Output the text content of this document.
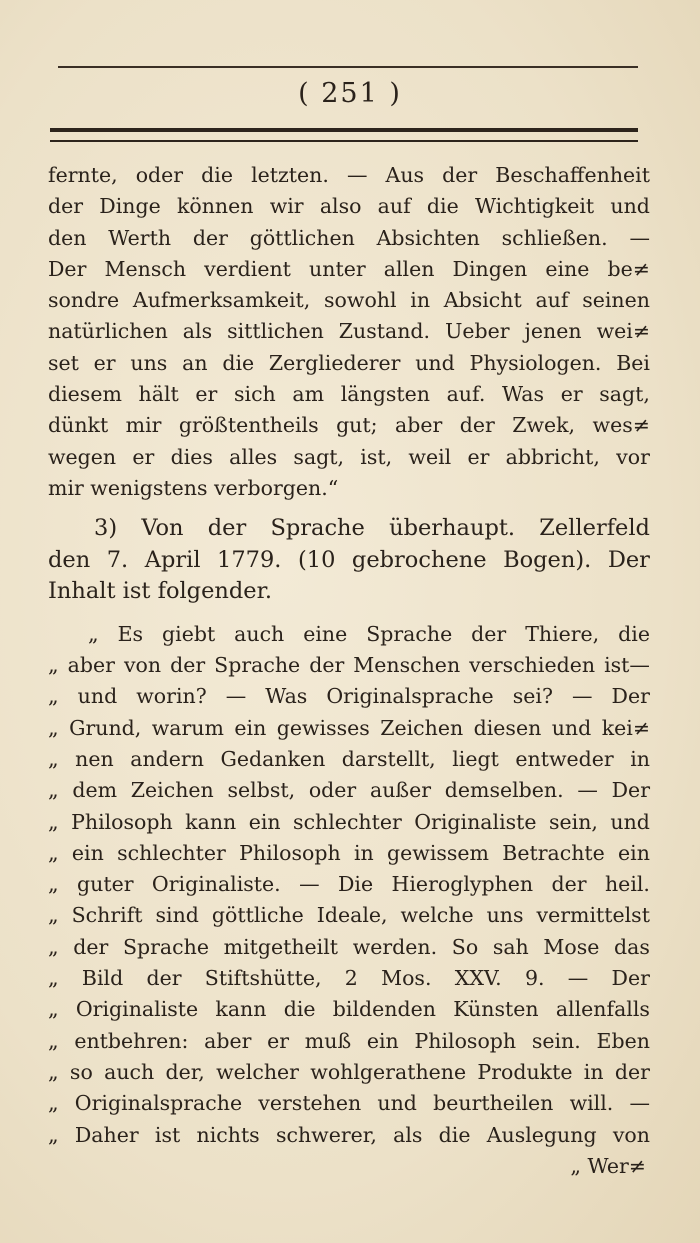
( 251 )
fernte, oder die letzten. — Aus der Beschaffenheit
der Dinge können wir also auf die Wichtigkeit und
den Werth der göttlichen Absichten schließen. —
Der Mensch verdient unter allen Dingen eine be≠
sondre Aufmerksamkeit, sowohl in Absicht auf seinen
natürlichen als sittlichen Zustand. Ueber jenen wei≠
set er uns an die Zergliederer und Physiologen. Bei
diesem hält er sich am längsten auf. Was er sagt,
dünkt mir größtentheils gut; aber der Zwek, wes≠
wegen er dies alles sagt, ist, weil er abbricht, vor
mir wenigstens verborgen.“
3) Von der Sprache überhaupt. Zellerfeld
den 7. April 1779. (10 gebrochene Bogen). Der
Inhalt ist folgender.
„ Es giebt auch eine Sprache der Thiere, die
„ aber von der Sprache der Menschen verschieden ist—
„ und worin? — Was Originalsprache sei? — Der
„ Grund, warum ein gewisses Zeichen diesen und kei≠
„ nen andern Gedanken darstellt, liegt entweder in
„ dem Zeichen selbst, oder außer demselben. — Der
„ Philosoph kann ein schlechter Originaliste sein, und
„ ein schlechter Philosoph in gewissem Betrachte ein
„ guter Originaliste. — Die Hieroglyphen der heil.
„ Schrift sind göttliche Ideale, welche uns vermittelst
„ der Sprache mitgetheilt werden. So sah Mose das
„ Bild der Stiftshütte, 2 Mos. XXV. 9. — Der
„ Originaliste kann die bildenden Künsten allenfalls
„ entbehren: aber er muß ein Philosoph sein. Eben
„ so auch der, welcher wohlgerathene Produkte in der
„ Originalsprache verstehen und beurtheilen will. —
„ Daher ist nichts schwerer, als die Auslegung von
„ Wer≠
